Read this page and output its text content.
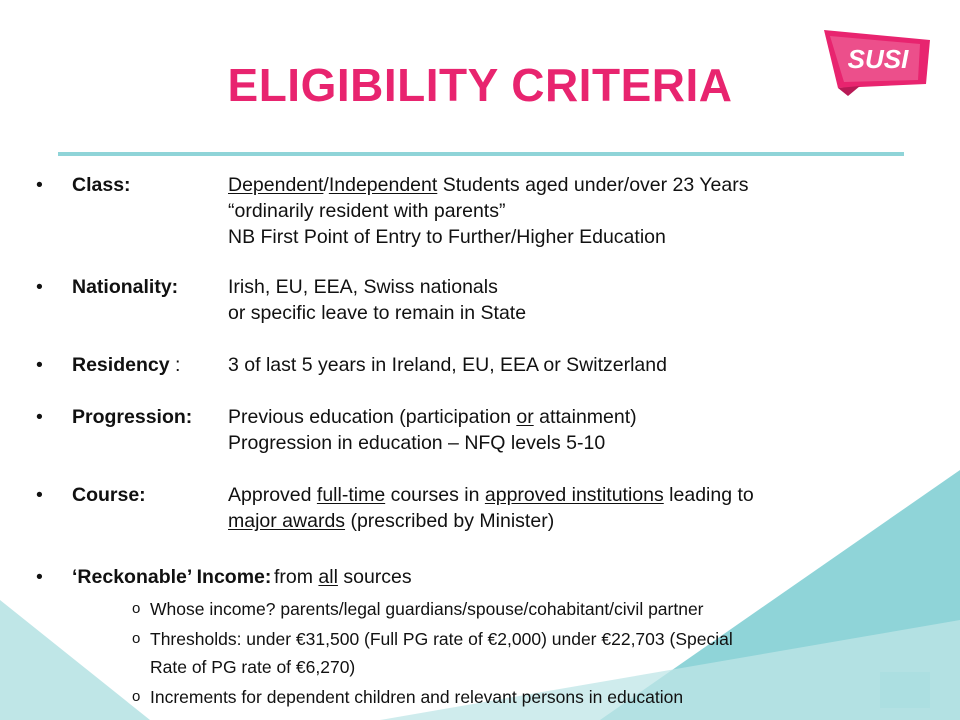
SUSI
ELIGIBILITY CRITERIA
•	Class:	Dependent/Independent Students aged under/over 23 Years
“ordinarily resident with parents”
NB First Point of Entry to Further/Higher Education
•	Nationality:	Irish, EU, EEA, Swiss nationals
or specific leave to remain in State
•	Residency : 3 of last 5 years in Ireland, EU, EEA or Switzerland
•	Progression: Previous education (participation or attainment)
Progression in education – NFQ levels 5-10
•	Course:	Approved full-time courses in approved institutions leading to
major awards (prescribed by Minister)
•	‘Reckonable’ Income: from all sources
o Whose income? parents/legal guardians/spouse/cohabitant/civil partner
o Thresholds: under €31,500 (Full PG rate of €2,000) under €22,703 (Special
Rate of PG rate of €6,270)
o Increments for dependent children and relevant persons in education
